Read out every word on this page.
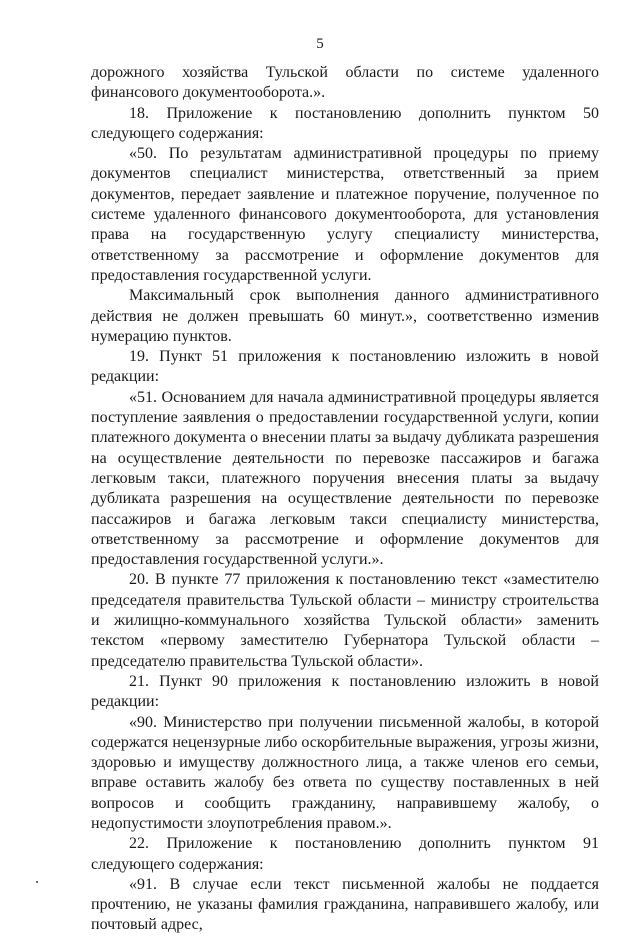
5

дорожного хозяйства Тульской области по системе удаленного финансового документооборота.».

18. Приложение к постановлению дополнить пунктом 50 следующего содержания:

«50. По результатам административной процедуры по приему документов специалист министерства, ответственный за прием документов, передает заявление и платежное поручение, полученное по системе удаленного финансового документооборота, для установления права на государственную услугу специалисту министерства, ответственному за рассмотрение и оформление документов для предоставления государственной услуги.

Максимальный срок выполнения данного административного действия не должен превышать 60 минут.», соответственно изменив нумерацию пунктов.

19. Пункт 51 приложения к постановлению изложить в новой редакции:

«51. Основанием для начала административной процедуры является поступление заявления о предоставлении государственной услуги, копии платежного документа о внесении платы за выдачу дубликата разрешения на осуществление деятельности по перевозке пассажиров и багажа легковым такси, платежного поручения внесения платы за выдачу дубликата разрешения на осуществление деятельности по перевозке пассажиров и багажа легковым такси специалисту министерства, ответственному за рассмотрение и оформление документов для предоставления государственной услуги.».

20. В пункте 77 приложения к постановлению текст «заместителю председателя правительства Тульской области – министру строительства и жилищно-коммунального хозяйства Тульской области» заменить текстом «первому заместителю Губернатора Тульской области – председателю правительства Тульской области».

21. Пункт 90 приложения к постановлению изложить в новой редакции:

«90. Министерство при получении письменной жалобы, в которой содержатся нецензурные либо оскорбительные выражения, угрозы жизни, здоровью и имуществу должностного лица, а также членов его семьи, вправе оставить жалобу без ответа по существу поставленных в ней вопросов и сообщить гражданину, направившему жалобу, о недопустимости злоупотребления правом.».

22. Приложение к постановлению дополнить пунктом 91 следующего содержания:

«91. В случае если текст письменной жалобы не поддается прочтению, не указаны фамилия гражданина, направившего жалобу, или почтовый адрес,
